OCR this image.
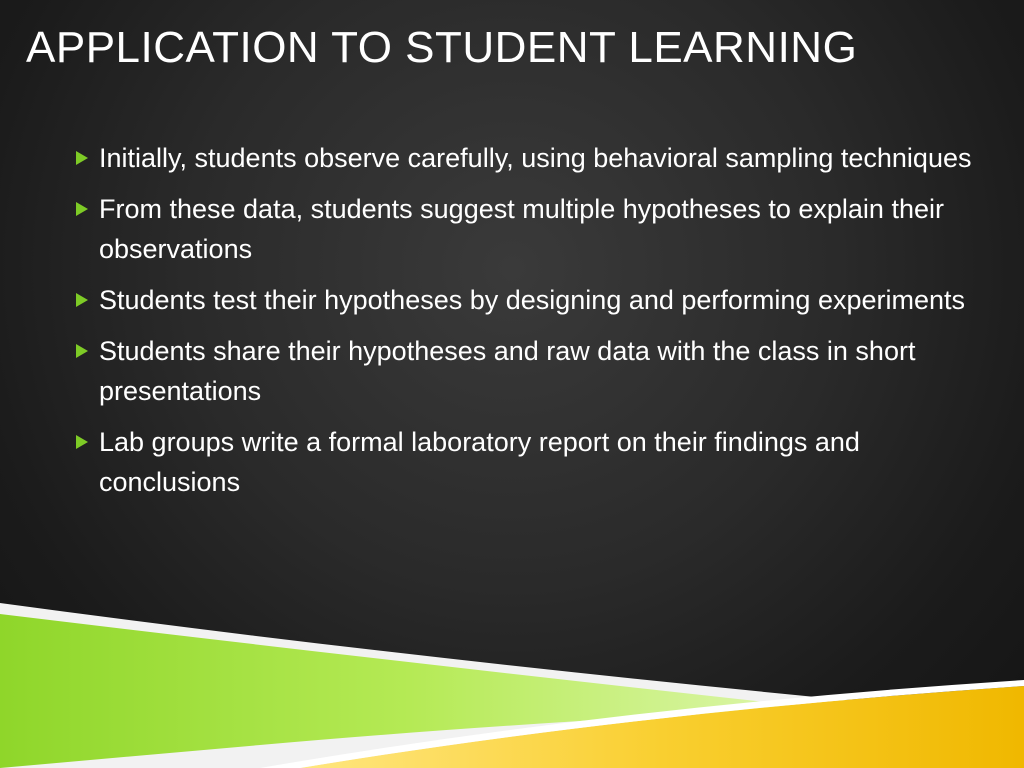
APPLICATION TO STUDENT LEARNING
Initially, students observe carefully, using behavioral sampling techniques
From these data, students suggest multiple hypotheses to explain their observations
Students test their hypotheses by designing and performing experiments
Students share their hypotheses and raw data with the class in short presentations
Lab groups write a formal laboratory report on their findings and conclusions
